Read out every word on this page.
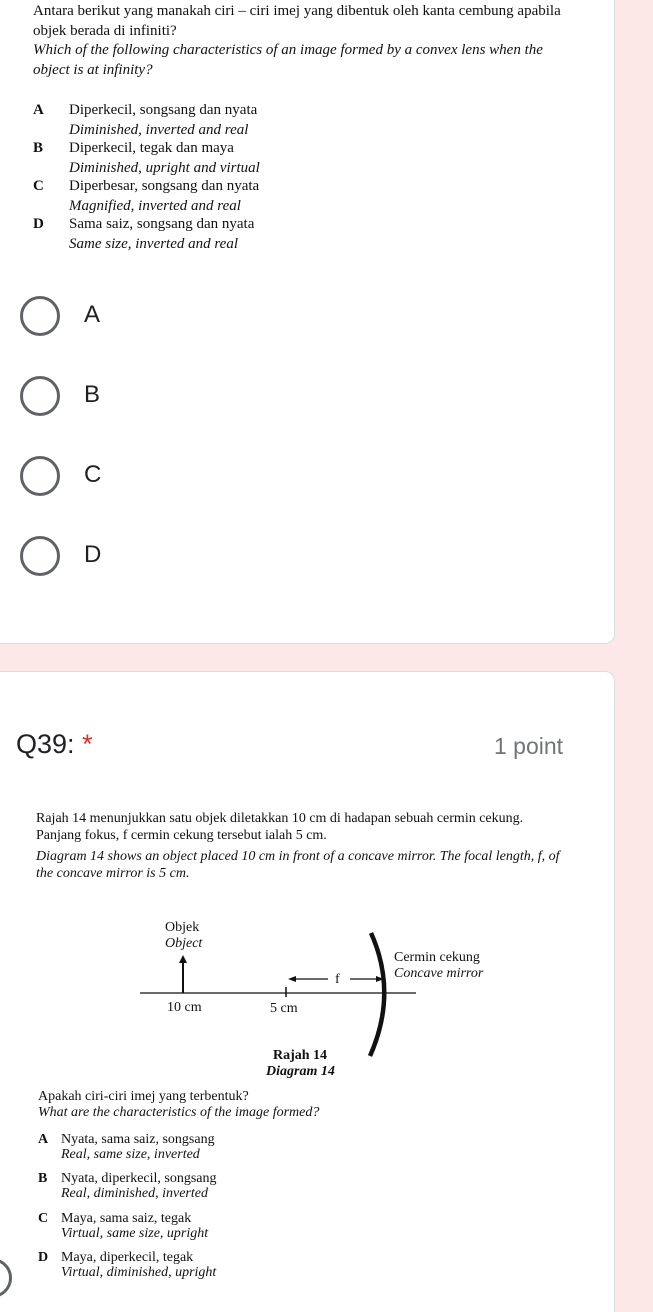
Antara berikut yang manakah ciri – ciri imej yang dibentuk oleh kanta cembung apabila objek berada di infiniti?
Which of the following characteristics of an image formed by a convex lens when the object is at infinity?
A Diperkecil, songsang dan nyata
Diminished, inverted and real
B Diperkecil, tegak dan maya
Diminished, upright and virtual
C Diperbesar, songsang dan nyata
Magnified, inverted and real
D Sama saiz, songsang dan nyata
Same size, inverted and real
A
B
C
D
Q39: *	1 point
Rajah 14 menunjukkan satu objek diletakkan 10 cm di hadapan sebuah cermin cekung. Panjang fokus, f cermin cekung tersebut ialah 5 cm.
Diagram 14 shows an object placed 10 cm in front of a concave mirror. The focal length, f, of the concave mirror is 5 cm.
Objek
Object
Cermin cekung
Concave mirror
f
10 cm	5 cm
Rajah 14
Diagram 14
Apakah ciri-ciri imej yang terbentuk?
What are the characteristics of the image formed?
A Nyata, sama saiz, songsang
Real, same size, inverted
B Nyata, diperkecil, songsang
Real, diminished, inverted
C Maya, sama saiz, tegak
Virtual, same size, upright
D Maya, diperkecil, tegak
Virtual, diminished, upright
